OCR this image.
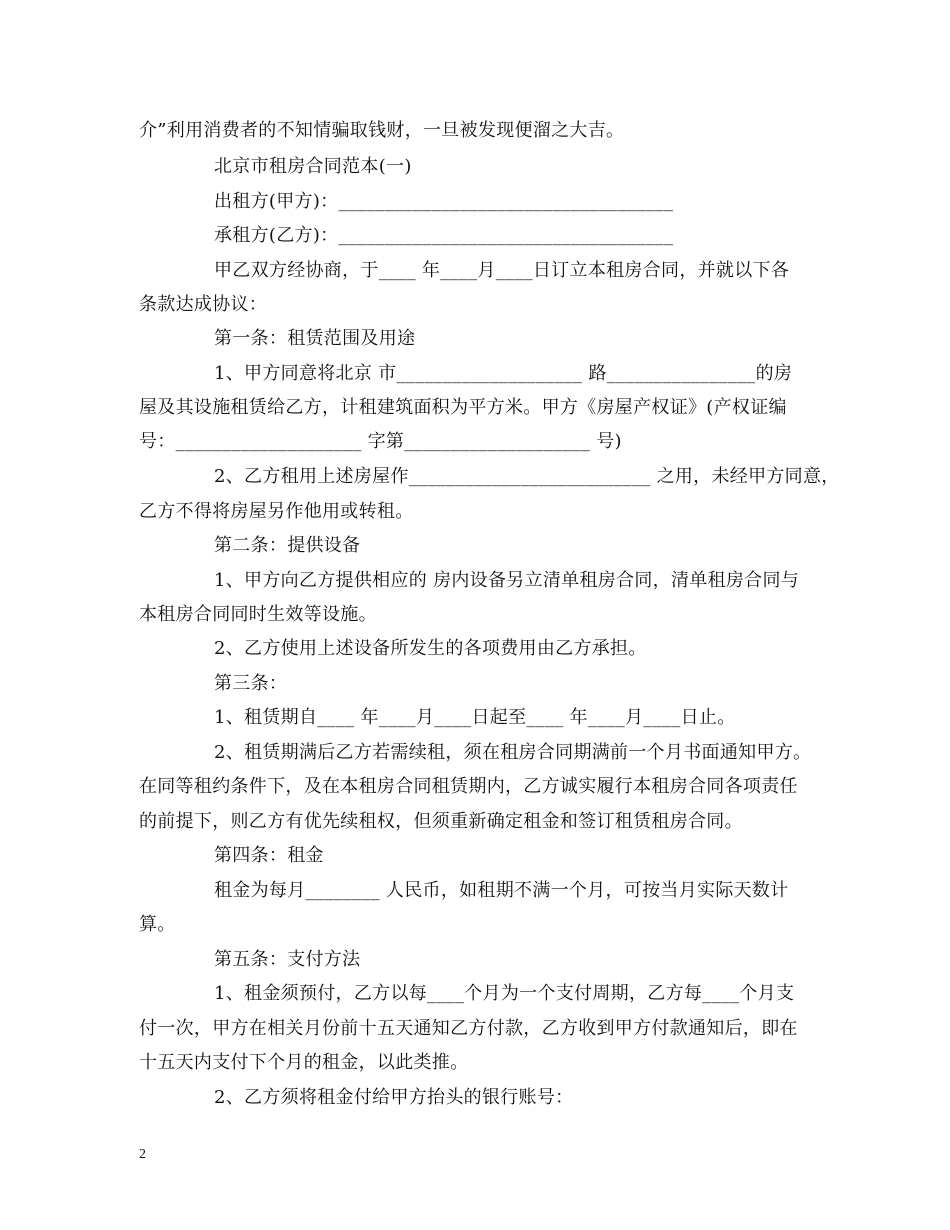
介”利用消费者的不知情骗取钱财，一旦被发现便溜之大吉。
北京市租房合同范本(一)
出租方(甲方)：____________________________________
承租方(乙方)：____________________________________
甲乙双方经协商，于____ 年____月____日订立本租房合同，并就以下各
条款达成协议：
第一条：租赁范围及用途
1、甲方同意将北京 市____________________ 路________________的房
屋及其设施租赁给乙方，计租建筑面积为平方米。甲方《房屋产权证》(产权证编
号：____________________ 字第____________________ 号)
2、乙方租用上述房屋作__________________________ 之用，未经甲方同意，
乙方不得将房屋另作他用或转租。
第二条：提供设备
1、甲方向乙方提供相应的 房内设备另立清单租房合同，清单租房合同与
本租房合同同时生效等设施。
2、乙方使用上述设备所发生的各项费用由乙方承担。
第三条：
1、租赁期自____ 年____月____日起至____ 年____月____日止。
2、租赁期满后乙方若需续租，须在租房合同期满前一个月书面通知甲方。
在同等租约条件下，及在本租房合同租赁期内，乙方诚实履行本租房合同各项责任
的前提下，则乙方有优先续租权，但须重新确定租金和签订租赁租房合同。
第四条：租金
租金为每月________ 人民币，如租期不满一个月，可按当月实际天数计
算。
第五条：支付方法
1、租金须预付，乙方以每____个月为一个支付周期，乙方每____个月支
付一次，甲方在相关月份前十五天通知乙方付款，乙方收到甲方付款通知后，即在
十五天内支付下个月的租金，以此类推。
2、乙方须将租金付给甲方抬头的银行账号：
2
